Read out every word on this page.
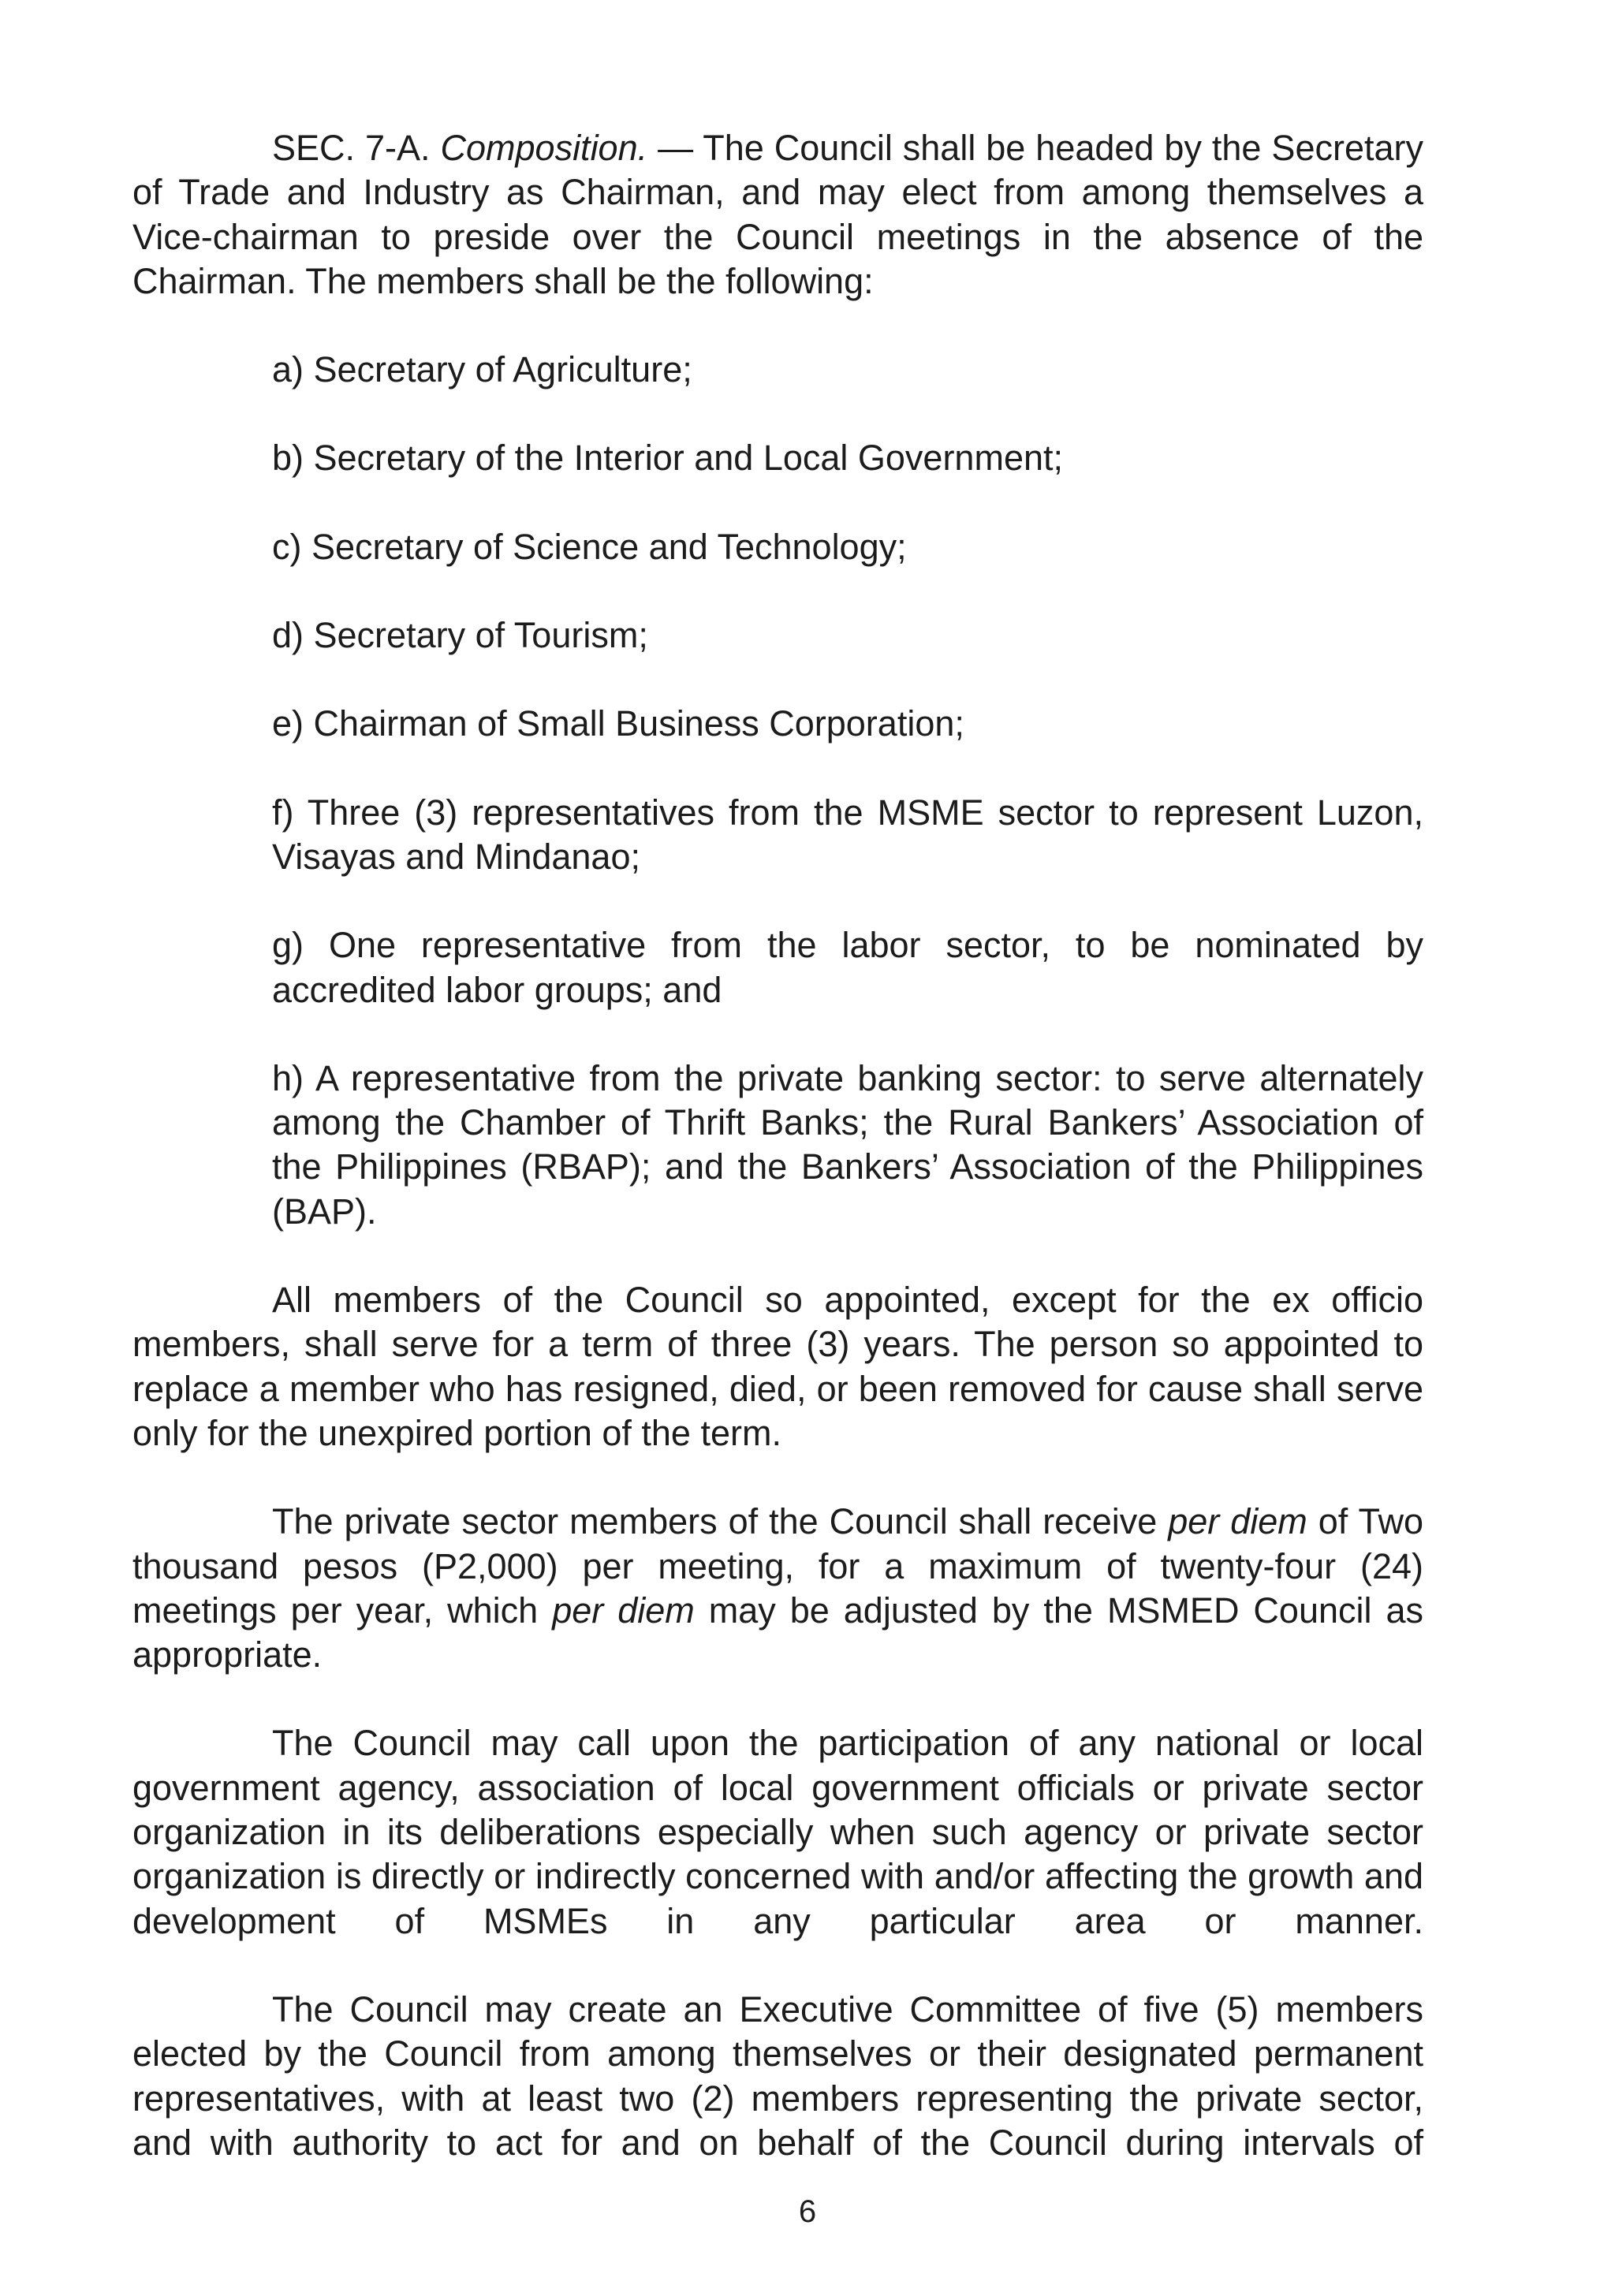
SEC. 7-A. Composition. — The Council shall be headed by the Secretary of Trade and Industry as Chairman, and may elect from among themselves a Vice-chairman to preside over the Council meetings in the absence of the Chairman. The members shall be the following:

a) Secretary of Agriculture;

b) Secretary of the Interior and Local Government;

c) Secretary of Science and Technology;

d) Secretary of Tourism;

e) Chairman of Small Business Corporation;

f) Three (3) representatives from the MSME sector to represent Luzon, Visayas and Mindanao;

g) One representative from the labor sector, to be nominated by accredited labor groups; and

h) A representative from the private banking sector: to serve alternately among the Chamber of Thrift Banks; the Rural Bankers’ Association of the Philippines (RBAP); and the Bankers’ Association of the Philippines (BAP).

All members of the Council so appointed, except for the ex officio members, shall serve for a term of three (3) years. The person so appointed to replace a member who has resigned, died, or been removed for cause shall serve only for the unexpired portion of the term.

The private sector members of the Council shall receive per diem of Two thousand pesos (P2,000) per meeting, for a maximum of twenty-four (24) meetings per year, which per diem may be adjusted by the MSMED Council as appropriate.

The Council may call upon the participation of any national or local government agency, association of local government officials or private sector organization in its deliberations especially when such agency or private sector organization is directly or indirectly concerned with and/or affecting the growth and development of MSMEs in any particular area or manner.

The Council may create an Executive Committee of five (5) members elected by the Council from among themselves or their designated permanent representatives, with at least two (2) members representing the private sector, and with authority to act for and on behalf of the Council during intervals of

6
